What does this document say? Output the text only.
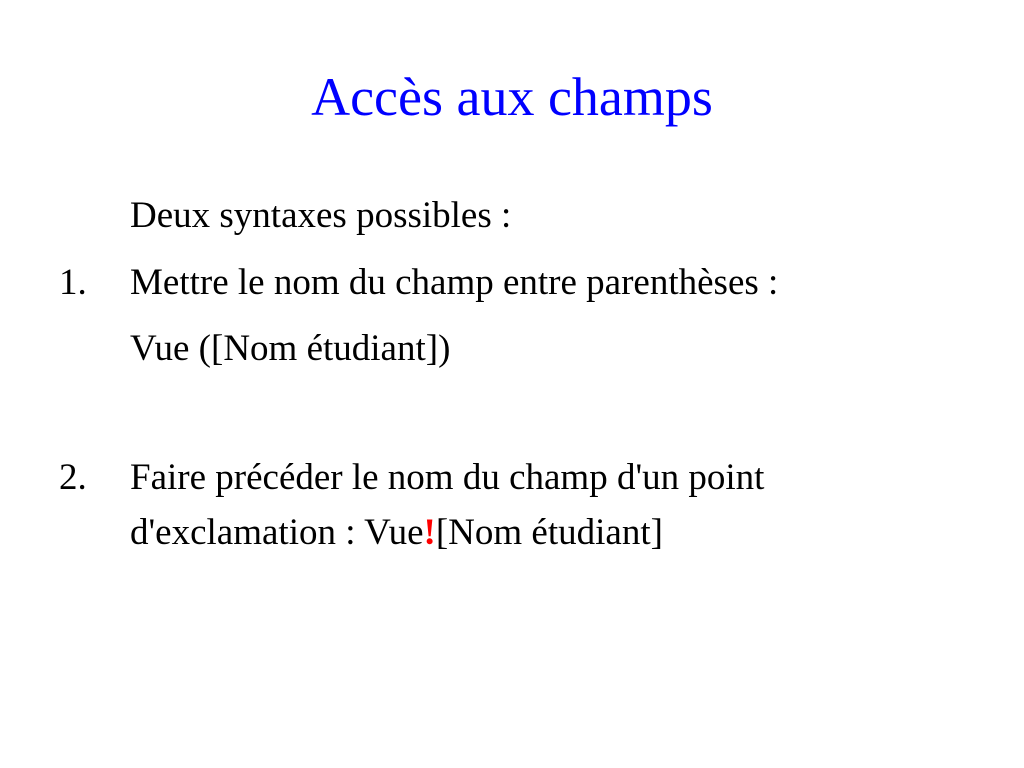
Accès aux champs

Deux syntaxes possibles :

1. Mettre le nom du champ entre parenthèses :

Vue ([Nom étudiant])

2. Faire précéder le nom du champ d'un point

d'exclamation : Vue![Nom étudiant]
